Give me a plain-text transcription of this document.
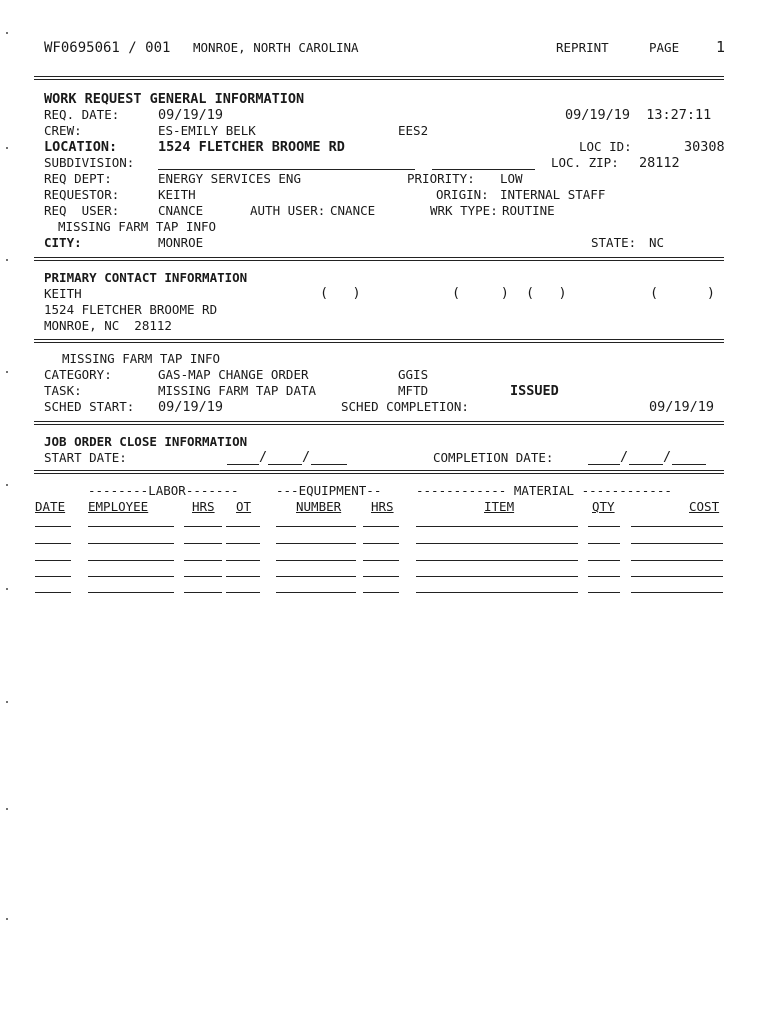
WF0695061 / 001 MONROE, NORTH CAROLINA	REPRINT	PAGE 1
WORK REQUEST GENERAL INFORMATION
REQ. DATE:	09/19/19	09/19/19  13:27:11
CREW:	ES-EMILY BELK	EES2
LOCATION:	1524 FLETCHER BROOME RD	LOC ID:	30308
SUBDIVISION:	LOC. ZIP: 28112
REQ DEPT:	ENERGY SERVICES ENG	PRIORITY: LOW
REQUESTOR:	KEITH	ORIGIN: INTERNAL STAFF
REQ  USER:	CNANCE	AUTH USER: CNANCE	WRK TYPE: ROUTINE
MISSING FARM TAP INFO
CITY:	MONROE	STATE: NC
PRIMARY CONTACT INFORMATION
KEITH	(   )	(     ) (   )	(      )
1524 FLETCHER BROOME RD
MONROE, NC  28112
MISSING FARM TAP INFO
CATEGORY:	GAS-MAP CHANGE ORDER	GGIS
TASK:	MISSING FARM TAP DATA	MFTD	ISSUED
SCHED START: 09/19/19	SCHED COMPLETION:	09/19/19
JOB ORDER CLOSE INFORMATION
START DATE:	/	/	COMPLETION DATE:	/	/
--------LABOR-------	---EQUIPMENT--	------------ MATERIAL ------------
DATE EMPLOYEE	HRS OT	NUMBER HRS	ITEM	QTY	COST
